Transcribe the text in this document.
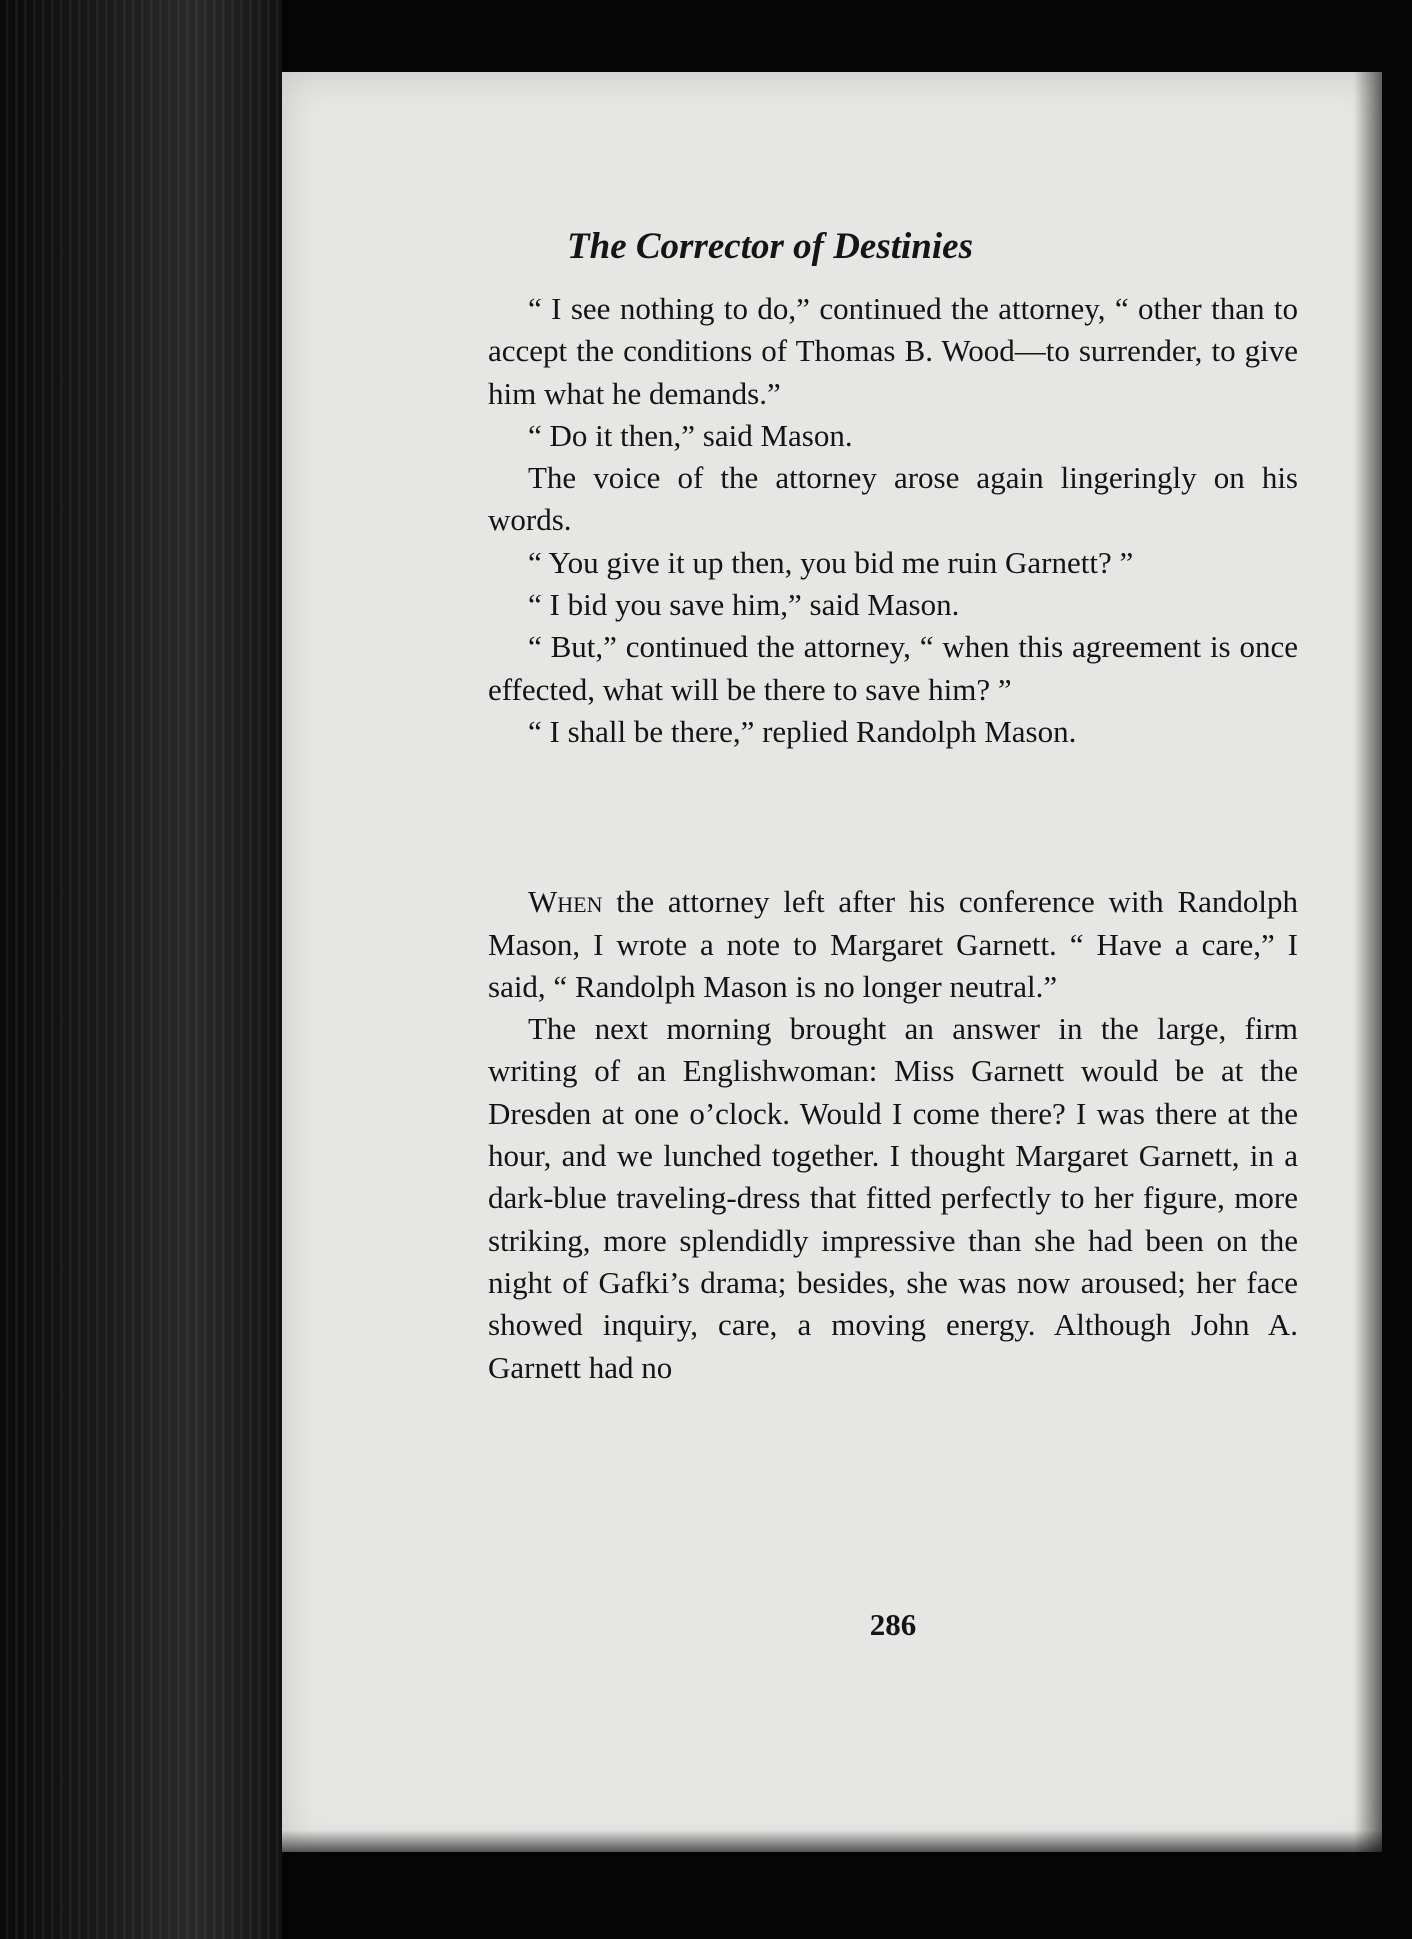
The Corrector of Destinies

“ I see nothing to do,” continued the attorney, “ other than to accept the conditions of Thomas B. Wood—to surrender, to give him what he demands.”

“ Do it then,” said Mason.

The voice of the attorney arose again lingeringly on his words.

“ You give it up then, you bid me ruin Garnett? ”

“ I bid you save him,” said Mason.

“ But,” continued the attorney, “ when this agreement is once effected, what will be there to save him? ”

“ I shall be there,” replied Randolph Mason.

When the attorney left after his conference with Randolph Mason, I wrote a note to Margaret Garnett. “ Have a care,” I said, “ Randolph Mason is no longer neutral.”

The next morning brought an answer in the large, firm writing of an Englishwoman: Miss Garnett would be at the Dresden at one o’clock. Would I come there? I was there at the hour, and we lunched together. I thought Margaret Garnett, in a dark-blue traveling-dress that fitted perfectly to her figure, more striking, more splendidly impressive than she had been on the night of Gafki’s drama; besides, she was now aroused; her face showed inquiry, care, a moving energy. Although John A. Garnett had no

286
